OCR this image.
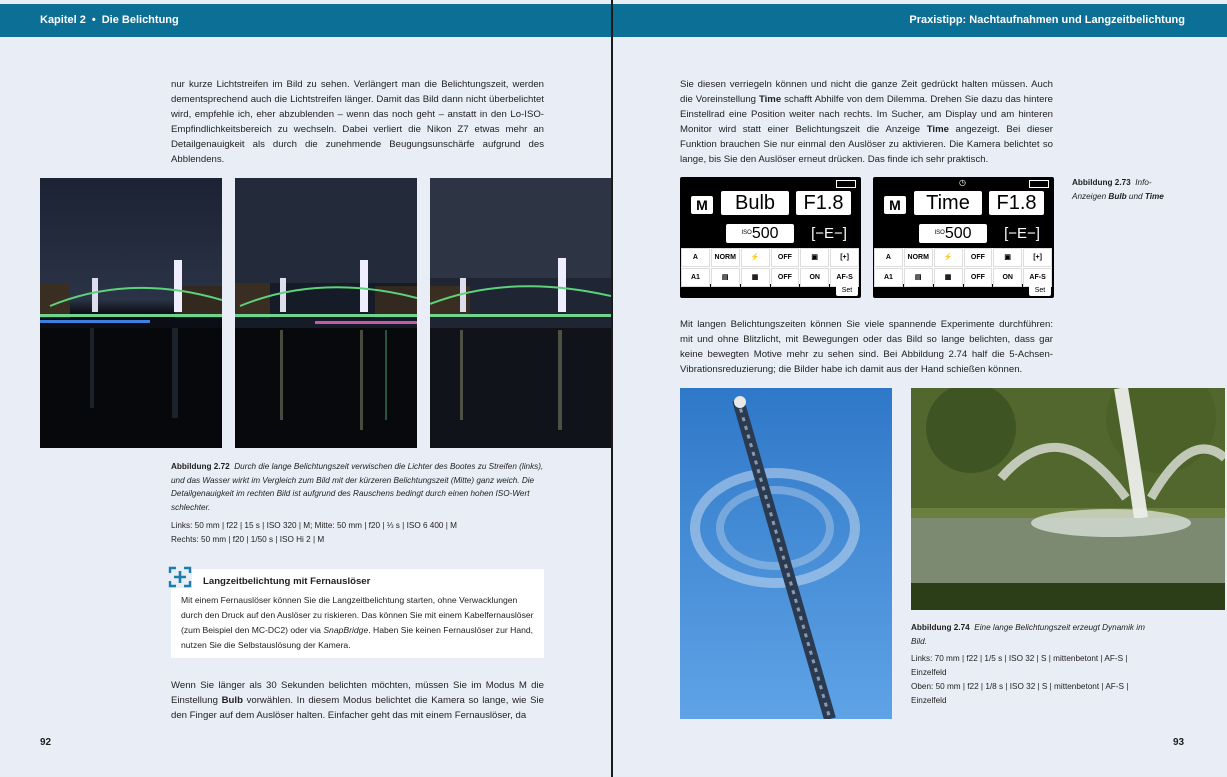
Kapitel 2 • Die Belichtung

nur kurze Lichtstreifen im Bild zu sehen. Verlängert man die Belichtungszeit, werden dementsprechend auch die Lichtstreifen länger. Damit das Bild dann nicht überbelichtet wird, empfehle ich, eher abzublenden – wenn das noch geht – anstatt in den Lo-ISO-Empfindlichkeitsbereich zu wechseln. Dabei verliert die Nikon Z7 etwas mehr an Detailgenauigkeit als durch die zunehmende Beugungsunschärfe aufgrund des Abblendens.

Abbildung 2.72 Durch die lange Belichtungszeit verwischen die Lichter des Bootes zu Streifen (links), und das Wasser wirkt im Vergleich zum Bild mit der kürzeren Belichtungszeit (Mitte) ganz weich. Die Detailgenauigkeit im rechten Bild ist aufgrund des Rauschens bedingt durch einen hohen ISO-Wert schlechter.
Links: 50 mm | f22 | 15 s | ISO 320 | M; Mitte: 50 mm | f20 | ⅓ s | ISO 6 400 | M
Rechts: 50 mm | f20 | 1/50 s | ISO Hi 2 | M
Langzeitbelichtung mit Fernauslöser
Mit einem Fernauslöser können Sie die Langzeitbelichtung starten, ohne Verwacklungen durch den Druck auf den Auslöser zu riskieren. Das können Sie mit einem Kabelfernauslöser (zum Beispiel den MC-DC2) oder via SnapBridge. Haben Sie keinen Fernauslöser zur Hand, nutzen Sie die Selbstauslösung der Kamera.

Wenn Sie länger als 30 Sekunden belichten möchten, müssen Sie im Modus M die Einstellung Bulb vorwählen. In diesem Modus belichtet die Kamera so lange, wie Sie den Finger auf dem Auslöser halten. Einfacher geht das mit einem Fernauslöser, da

92
Praxistipp: Nachtaufnahmen und Langzeitbelichtung

Sie diesen verriegeln können und nicht die ganze Zeit gedrückt halten müssen. Auch die Voreinstellung Time schafft Abhilfe von dem Dilemma. Drehen Sie dazu das hintere Einstellrad eine Position weiter nach rechts. Im Sucher, am Display und am hinteren Monitor wird statt einer Belichtungszeit die Anzeige Time angezeigt. Bei dieser Funktion brauchen Sie nur einmal den Auslöser zu aktivieren. Die Kamera belichtet so lange, bis Sie den Auslöser erneut drücken. Das finde ich sehr praktisch.

M	Bulb	F1.8
$^{ISO}$500	[−E−]
A	NORM	⚡	OFF	▣	[+]
A1	▤	▦	OFF	ON	AF-S
Set
◷
M	Time	F1.8
$^{ISO}$500	[−E−]
A	NORM	⚡	OFF	▣	[+]
A1	▤	▦	OFF	ON	AF-S
Set
Abbildung 2.73 Info-Anzeigen Bulb und Time

Mit langen Belichtungszeiten können Sie viele spannende Experimente durchführen: mit und ohne Blitzlicht, mit Bewegungen oder das Bild so lange belichten, dass gar keine bewegten Motive mehr zu sehen sind. Bei Abbildung 2.74 half die 5-Achsen-Vibrationsreduzierung; die Bilder habe ich damit aus der Hand schießen können.

Abbildung 2.74 Eine lange Belichtungszeit erzeugt Dynamik im Bild.
Links: 70 mm | f22 | 1/5 s | ISO 32 | S | mittenbetont | AF-S | Einzelfeld
Oben: 50 mm | f22 | 1/8 s | ISO 32 | S | mittenbetont | AF-S | Einzelfeld
93
